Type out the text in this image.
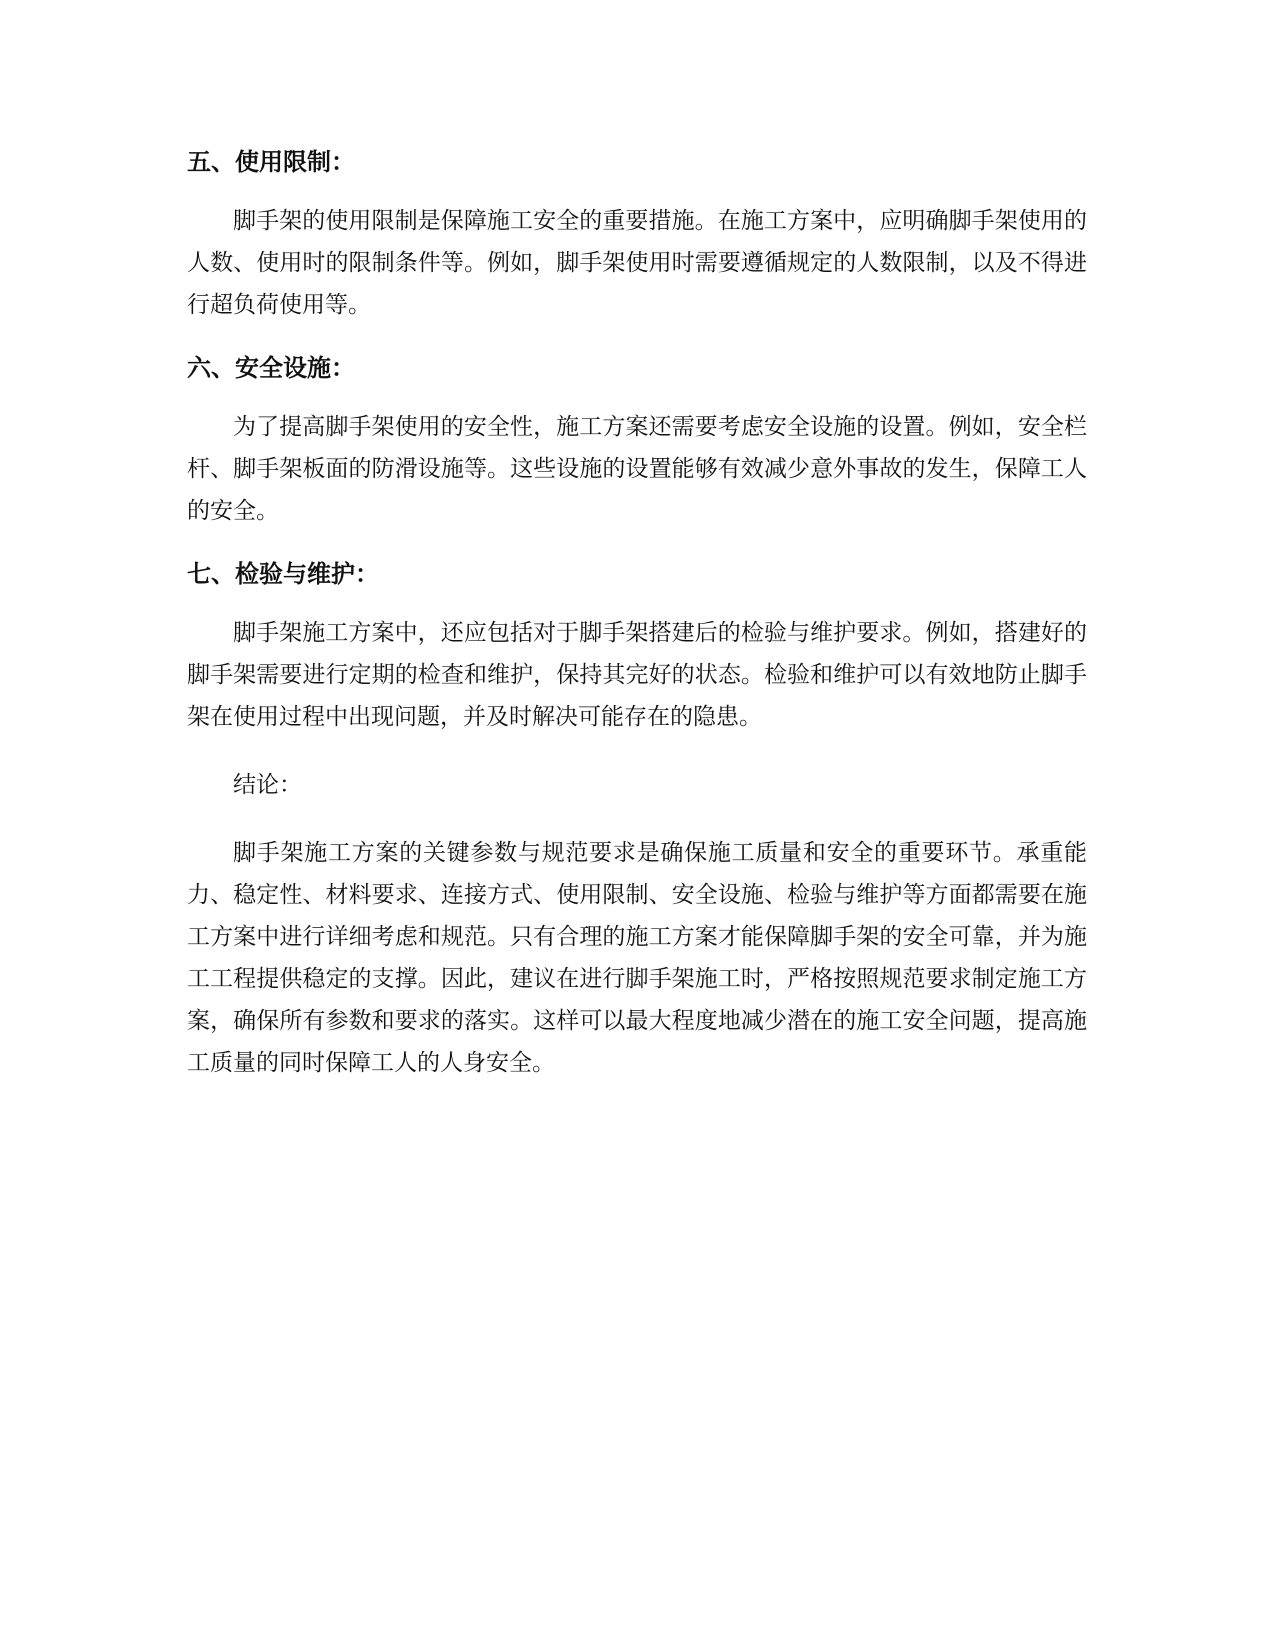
五、使用限制：

脚手架的使用限制是保障施工安全的重要措施。在施工方案中，应明确脚手架使用的人数、使用时的限制条件等。例如，脚手架使用时需要遵循规定的人数限制，以及不得进行超负荷使用等。

六、安全设施：

为了提高脚手架使用的安全性，施工方案还需要考虑安全设施的设置。例如，安全栏杆、脚手架板面的防滑设施等。这些设施的设置能够有效减少意外事故的发生，保障工人的安全。

七、检验与维护：

脚手架施工方案中，还应包括对于脚手架搭建后的检验与维护要求。例如，搭建好的脚手架需要进行定期的检查和维护，保持其完好的状态。检验和维护可以有效地防止脚手架在使用过程中出现问题，并及时解决可能存在的隐患。

结论：

脚手架施工方案的关键参数与规范要求是确保施工质量和安全的重要环节。承重能力、稳定性、材料要求、连接方式、使用限制、安全设施、检验与维护等方面都需要在施工方案中进行详细考虑和规范。只有合理的施工方案才能保障脚手架的安全可靠，并为施工工程提供稳定的支撑。因此，建议在进行脚手架施工时，严格按照规范要求制定施工方案，确保所有参数和要求的落实。这样可以最大程度地减少潜在的施工安全问题，提高施工质量的同时保障工人的人身安全。
